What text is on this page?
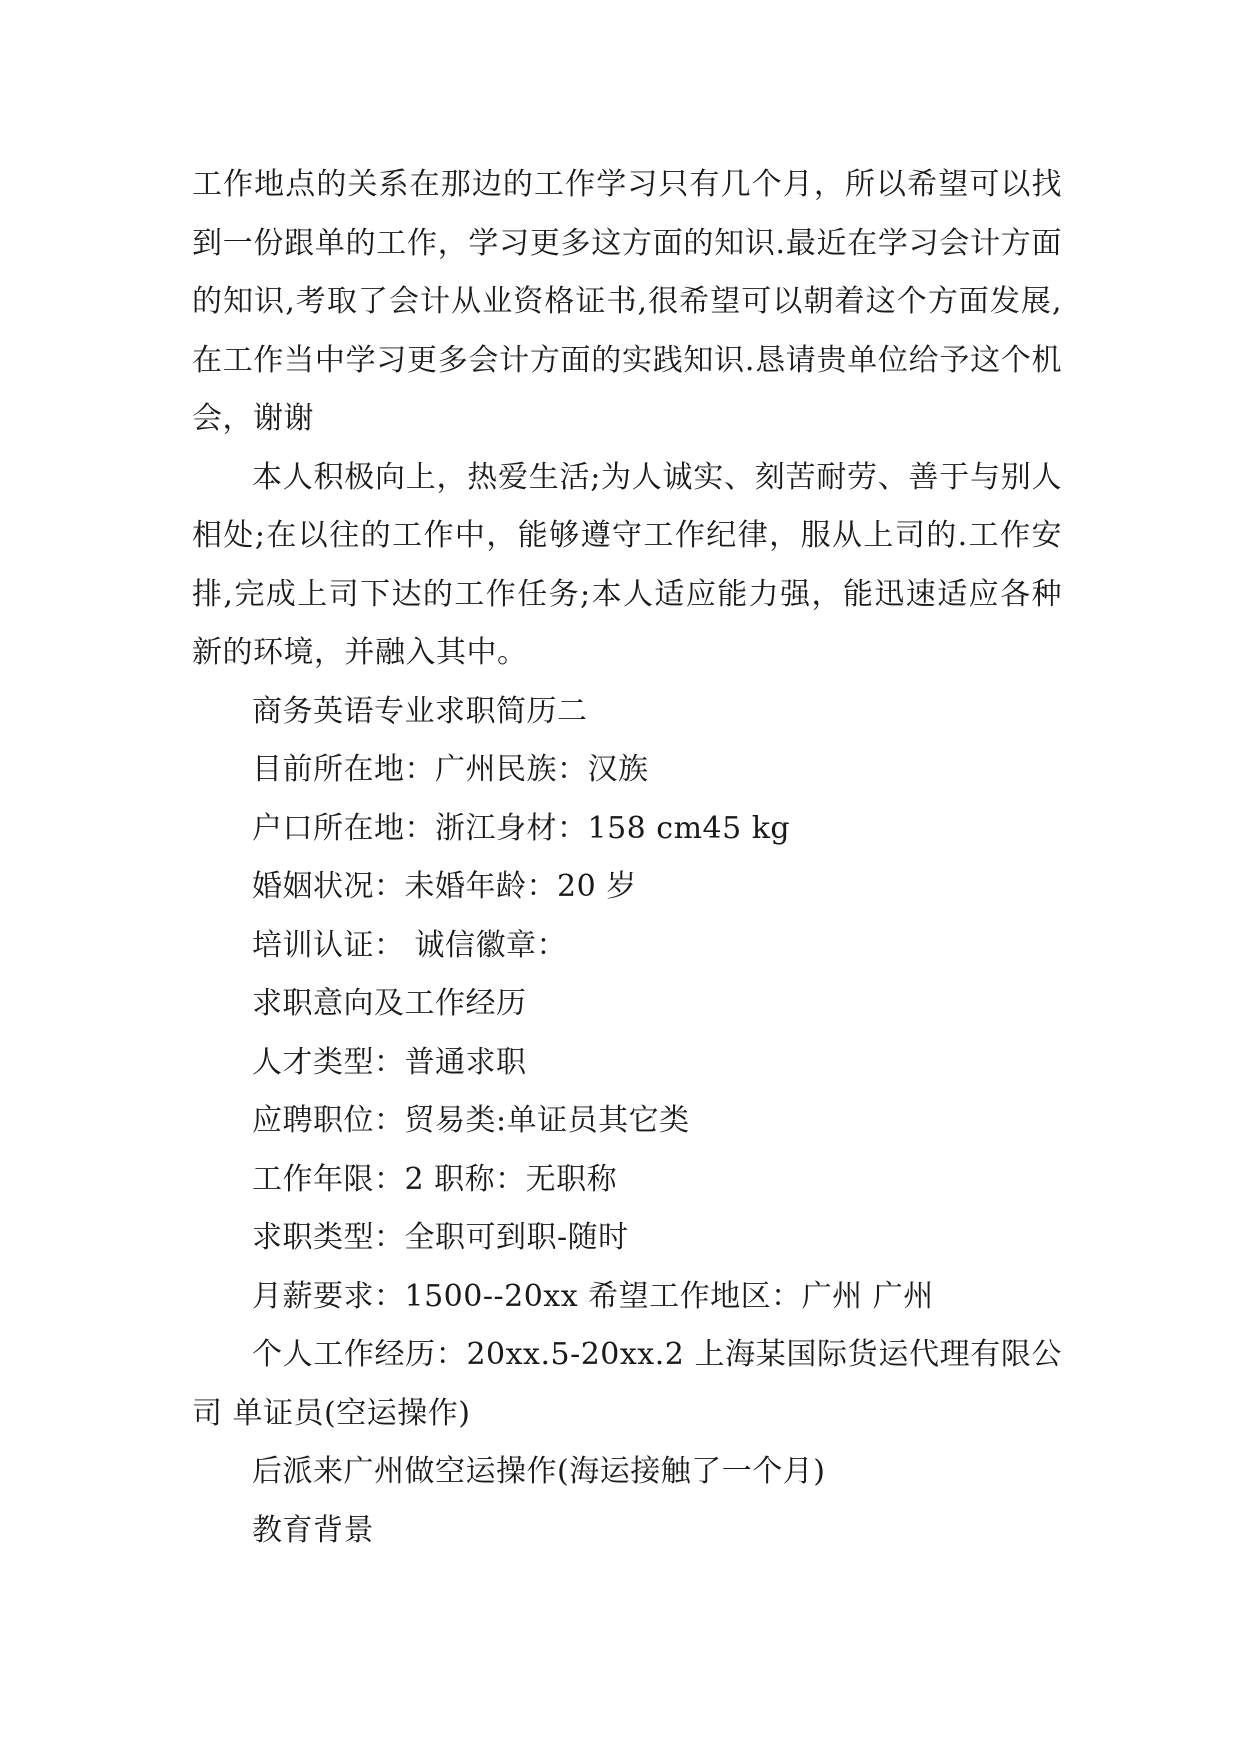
工作地点的关系在那边的工作学习只有几个月，所以希望可以找到一份跟单的工作，学习更多这方面的知识.最近在学习会计方面的知识,考取了会计从业资格证书,很希望可以朝着这个方面发展,在工作当中学习更多会计方面的实践知识.恳请贵单位给予这个机会，谢谢

本人积极向上，热爱生活;为人诚实、刻苦耐劳、善于与别人相处;在以往的工作中，能够遵守工作纪律，服从上司的.工作安排,完成上司下达的工作任务;本人适应能力强，能迅速适应各种新的环境，并融入其中。

商务英语专业求职简历二

目前所在地：广州民族：汉族

户口所在地：浙江身材：158 cm45 kg

婚姻状况：未婚年龄：20 岁

培训认证： 诚信徽章：

求职意向及工作经历

人才类型：普通求职

应聘职位：贸易类:单证员其它类

工作年限：2 职称：无职称

求职类型：全职可到职-随时

月薪要求：1500--20xx 希望工作地区：广州 广州

个人工作经历：20xx.5-20xx.2 上海某国际货运代理有限公司 单证员(空运操作)

后派来广州做空运操作(海运接触了一个月)

教育背景
